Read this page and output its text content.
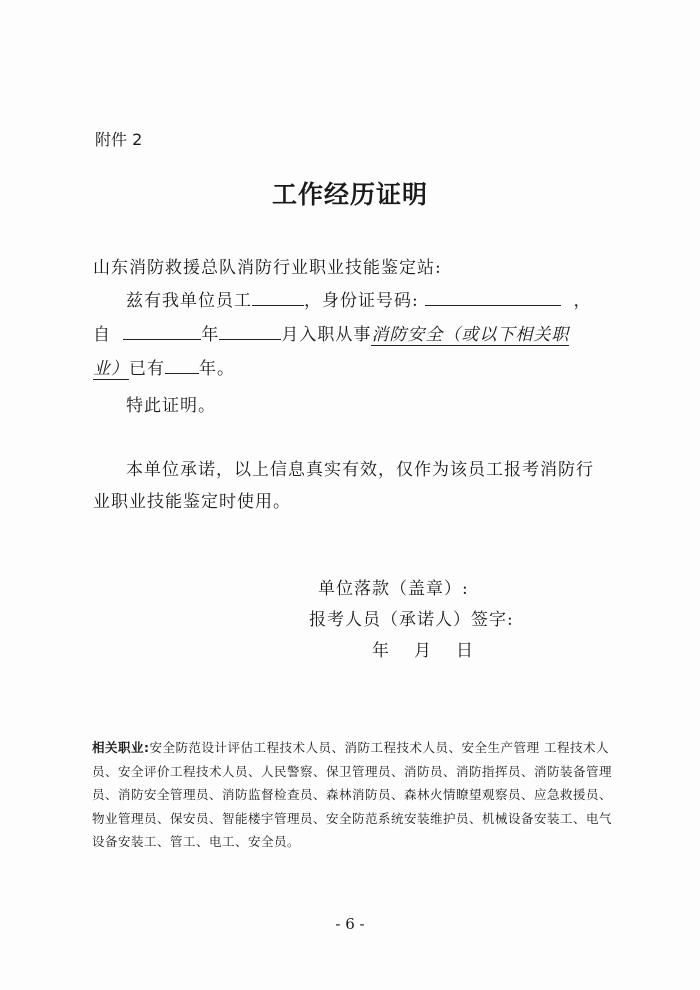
附件 2
工作经历证明
山东消防救援总队消防行业职业技能鉴定站:
兹有我单位员工	，身份证号码:	，
自	年	月入职从事消防安全（或以下相关职
业）已有 年。
特此证明。
本单位承诺，以上信息真实有效，仅作为该员工报考消防行
业职业技能鉴定时使用。
单位落款（盖章）:
报考人员（承诺人）签字:
年　月　日
相关职业:安全防范设计评估工程技术人员、消防工程技术人员、安全生产管理 工程技术人员、安全评价工程技术人员、人民警察、保卫管理员、消防员、消防指挥员、消防装备管理员、消防安全管理员、消防监督检查员、森林消防员、森林火情瞭望观察员、应急救援员、物业管理员、保安员、智能楼宇管理员、安全防范系统安装维护员、机械设备安装工、电气设备安装工、管工、电工、安全员。
- 6 -
